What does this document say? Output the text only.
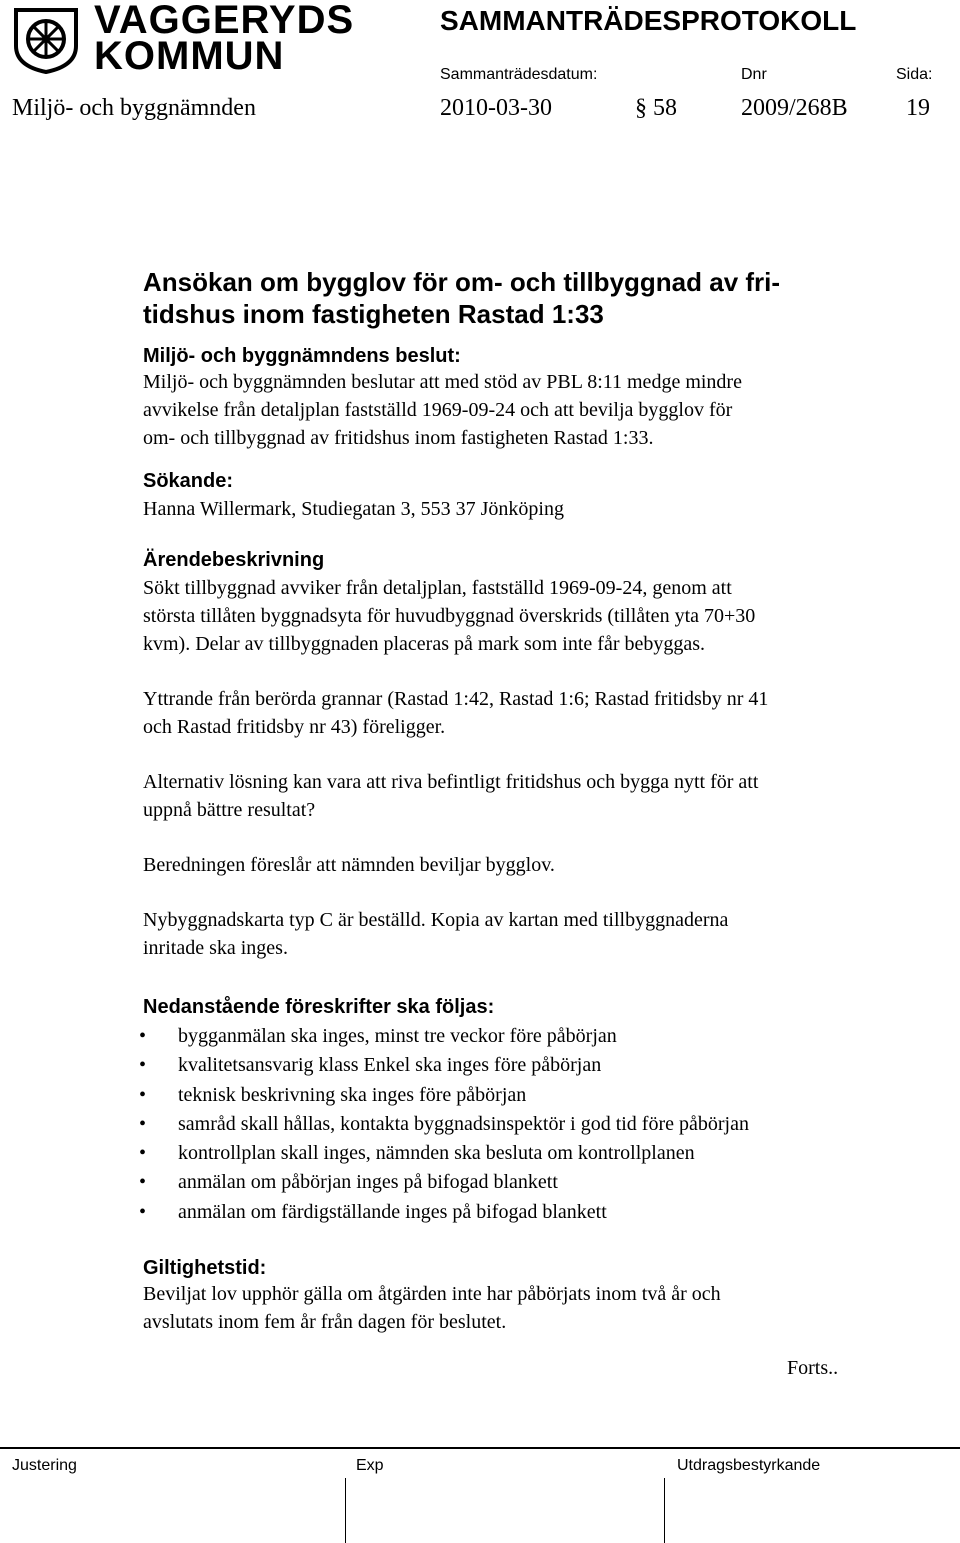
VAGGERYDS
KOMMUN
SAMMANTRÄDESPROTOKOLL
Sammanträdesdatum:	Dnr	Sida:
Miljö- och byggnämnden	2010-03-30	§ 58	2009/268B 19
Ansökan om bygglov för om- och tillbyggnad av fri-
tidshus inom fastigheten Rastad 1:33
Miljö- och byggnämndens beslut:

Miljö- och byggnämnden beslutar att med stöd av PBL 8:11 medge mindre
avvikelse från detaljplan fastställd 1969-09-24 och att bevilja bygglov för
om- och tillbyggnad av fritidshus inom fastigheten Rastad 1:33.

Sökande:

Hanna Willermark, Studiegatan 3, 553 37 Jönköping

Ärendebeskrivning

Sökt tillbyggnad avviker från detaljplan, fastställd 1969-09-24, genom att
största tillåten byggnadsyta för huvudbyggnad överskrids (tillåten yta 70+30
kvm). Delar av tillbyggnaden placeras på mark som inte får bebyggas.

Yttrande från berörda grannar (Rastad 1:42, Rastad 1:6; Rastad fritidsby nr 41
och Rastad fritidsby nr 43) föreligger.

Alternativ lösning kan vara att riva befintligt fritidshus och bygga nytt för att
uppnå bättre resultat?

Beredningen föreslår att nämnden beviljar bygglov.

Nybyggnadskarta typ C är beställd. Kopia av kartan med tillbyggnaderna
inritade ska inges.

Nedanstående föreskrifter ska följas:
• bygganmälan ska inges, minst tre veckor före påbörjan
• kvalitetsansvarig klass Enkel ska inges före påbörjan
• teknisk beskrivning ska inges före påbörjan
• samråd skall hållas, kontakta byggnadsinspektör i god tid före påbörjan
• kontrollplan skall inges, nämnden ska besluta om kontrollplanen
• anmälan om påbörjan inges på bifogad blankett
• anmälan om färdigställande inges på bifogad blankett
Giltighetstid:

Beviljat lov upphör gälla om åtgärden inte har påbörjats inom två år och
avslutats inom fem år från dagen för beslutet.

Forts..
Justering	Exp	Utdragsbestyrkande
